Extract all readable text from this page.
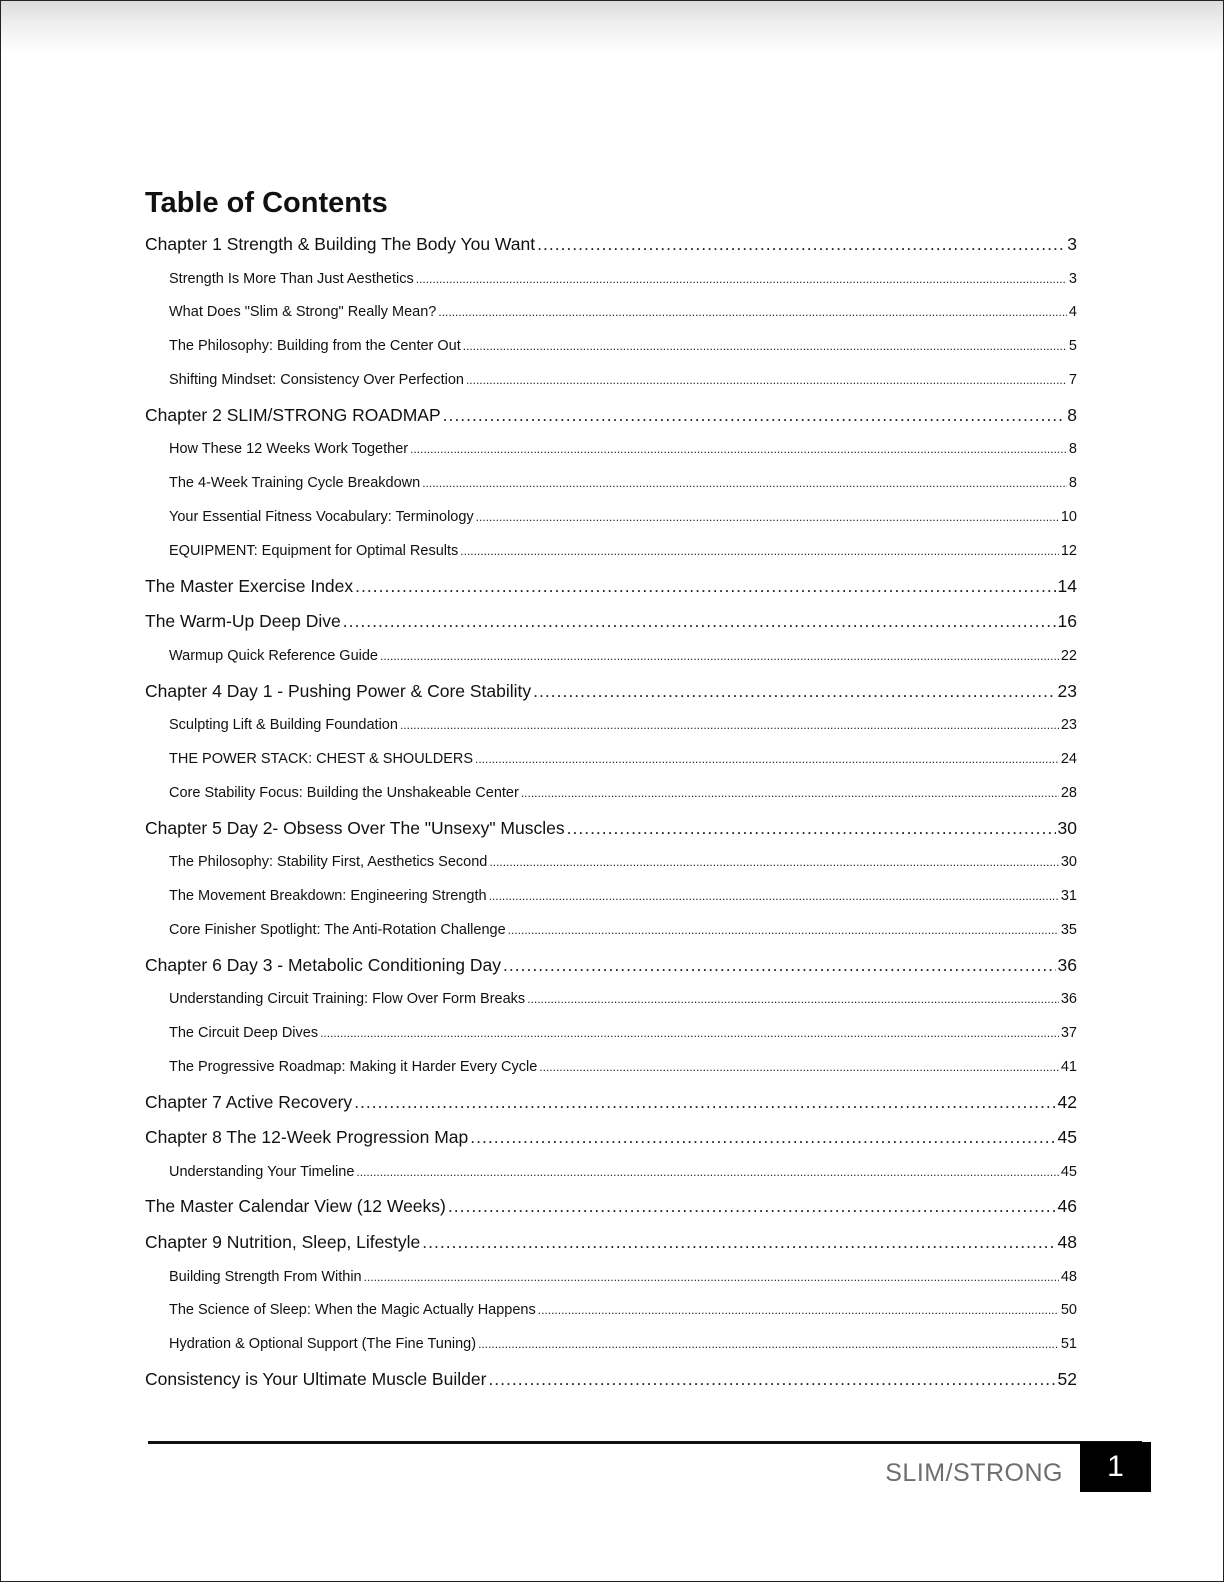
Table of Contents
Chapter 1 Strength & Building The Body You Want .....	3
Strength Is More Than Just Aesthetics .....	3
What Does "Slim & Strong" Really Mean? .....	4
The Philosophy: Building from the Center Out .....	5
Shifting Mindset: Consistency Over Perfection .....	7
Chapter 2 SLIM/STRONG ROADMAP .....	8
How These 12 Weeks Work Together .....	8
The 4-Week Training Cycle Breakdown .....	8
Your Essential Fitness Vocabulary: Terminology .....	10
EQUIPMENT: Equipment for Optimal Results .....	12
The Master Exercise Index .....	14
The Warm-Up Deep Dive .....	16
Warmup Quick Reference Guide .....	22
Chapter 4 Day 1 - Pushing Power & Core Stability .....	23
Sculpting Lift & Building Foundation .....	23
THE POWER STACK: CHEST & SHOULDERS .....	24
Core Stability Focus: Building the Unshakeable Center .....	28
Chapter 5 Day 2- Obsess Over The "Unsexy" Muscles .....	30
The Philosophy: Stability First, Aesthetics Second .....	30
The Movement Breakdown: Engineering Strength .....	31
Core Finisher Spotlight: The Anti-Rotation Challenge .....	35
Chapter 6 Day 3 - Metabolic Conditioning Day .....	36
Understanding Circuit Training: Flow Over Form Breaks .....	36
The Circuit Deep Dives .....	37
The Progressive Roadmap: Making it Harder Every Cycle .....	41
Chapter 7 Active Recovery .....	42
Chapter 8 The 12-Week Progression Map .....	45
Understanding Your Timeline .....	45
The Master Calendar View (12 Weeks) .....	46
Chapter 9 Nutrition, Sleep, Lifestyle .....	48
Building Strength From Within .....	48
The Science of Sleep: When the Magic Actually Happens .....	50
Hydration & Optional Support (The Fine Tuning) .....	51
Consistency is Your Ultimate Muscle Builder .....	52
SLIM/STRONG	1
